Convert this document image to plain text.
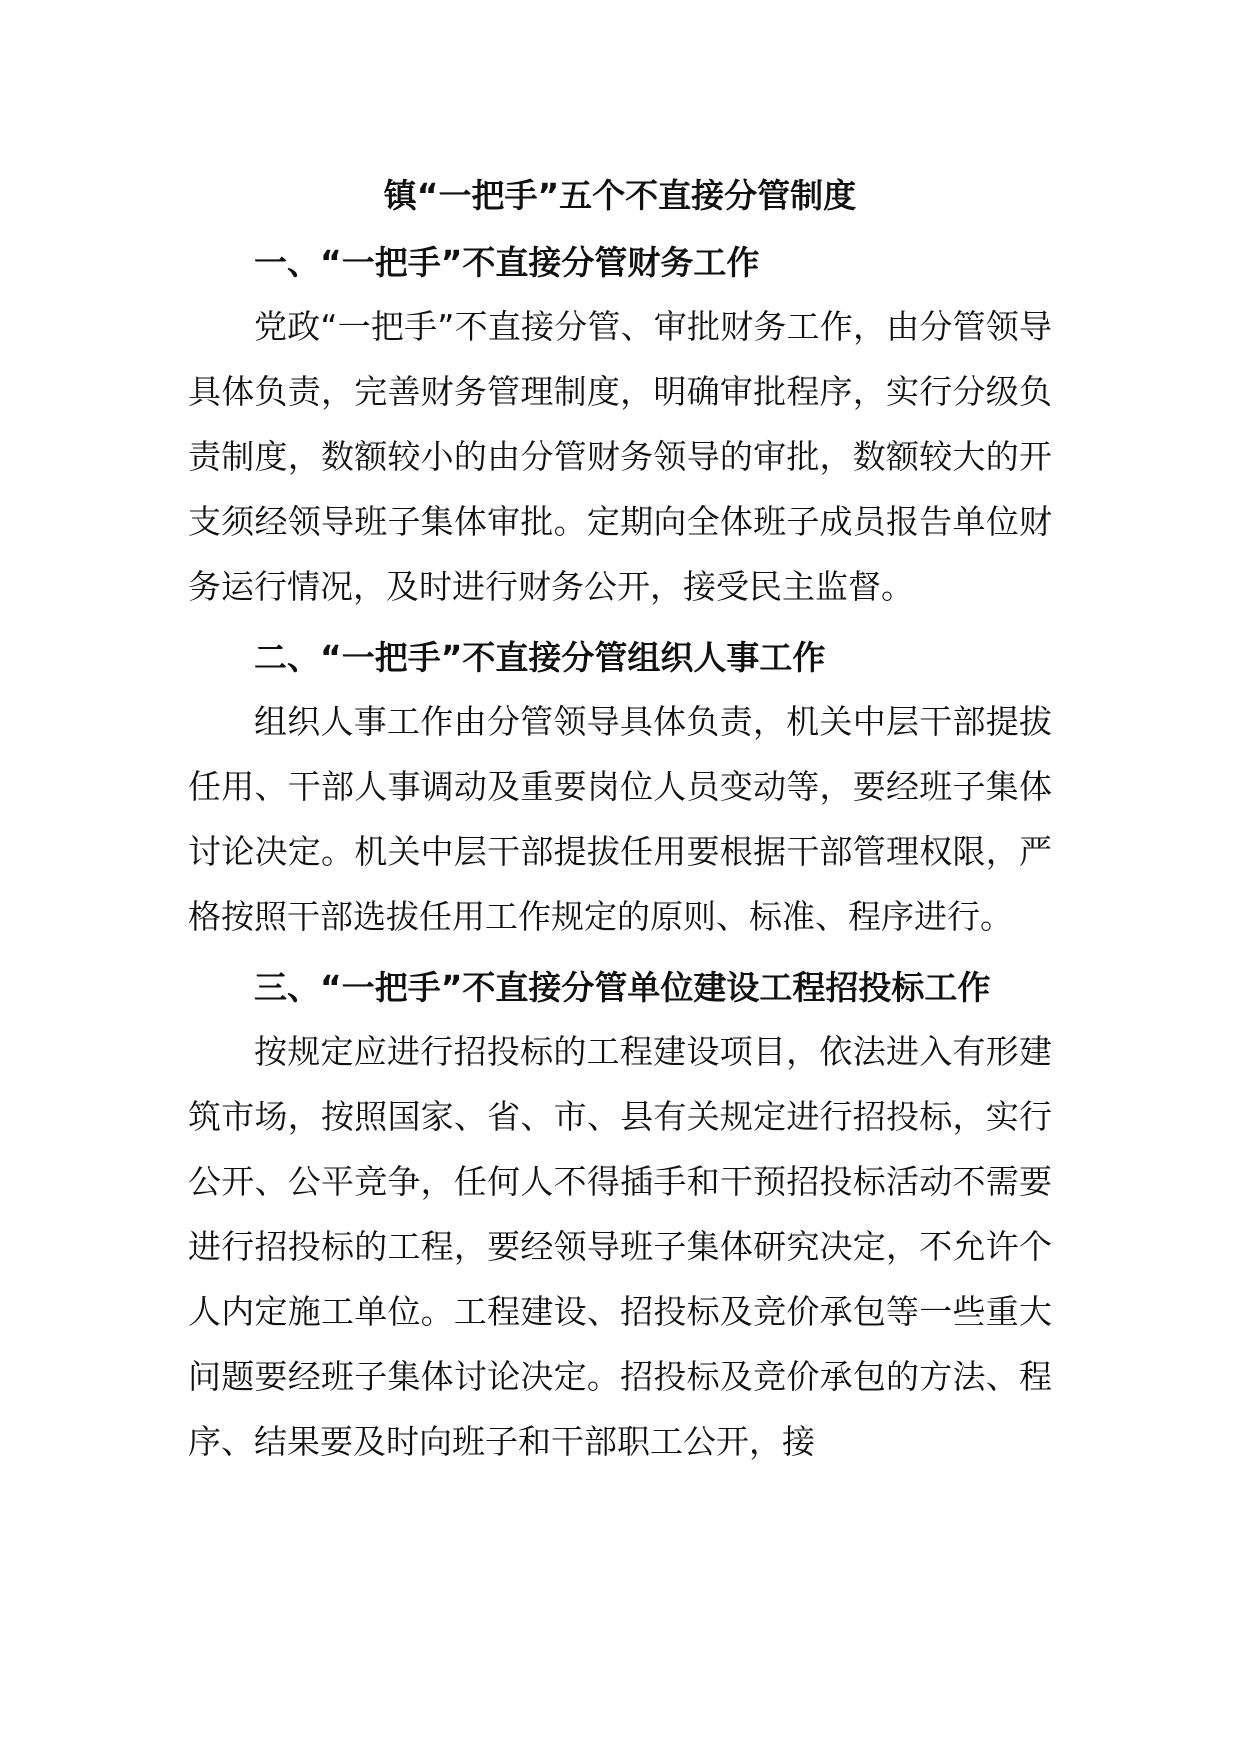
镇“一把手”五个不直接分管制度
一、“一把手”不直接分管财务工作

党政“一把手”不直接分管、审批财务工作，由分管领导具体负责，完善财务管理制度，明确审批程序，实行分级负责制度，数额较小的由分管财务领导的审批，数额较大的开支须经领导班子集体审批。定期向全体班子成员报告单位财务运行情况，及时进行财务公开，接受民主监督。

二、“一把手”不直接分管组织人事工作

组织人事工作由分管领导具体负责，机关中层干部提拔任用、干部人事调动及重要岗位人员变动等，要经班子集体讨论决定。机关中层干部提拔任用要根据干部管理权限，严格按照干部选拔任用工作规定的原则、标准、程序进行。

三、“一把手”不直接分管单位建设工程招投标工作

按规定应进行招投标的工程建设项目，依法进入有形建筑市场，按照国家、省、市、县有关规定进行招投标，实行公开、公平竞争，任何人不得插手和干预招投标活动不需要进行招投标的工程，要经领导班子集体研究决定，不允许个人内定施工单位。工程建设、招投标及竞价承包等一些重大问题要经班子集体讨论决定。招投标及竞价承包的方法、程序、结果要及时向班子和干部职工公开，接
